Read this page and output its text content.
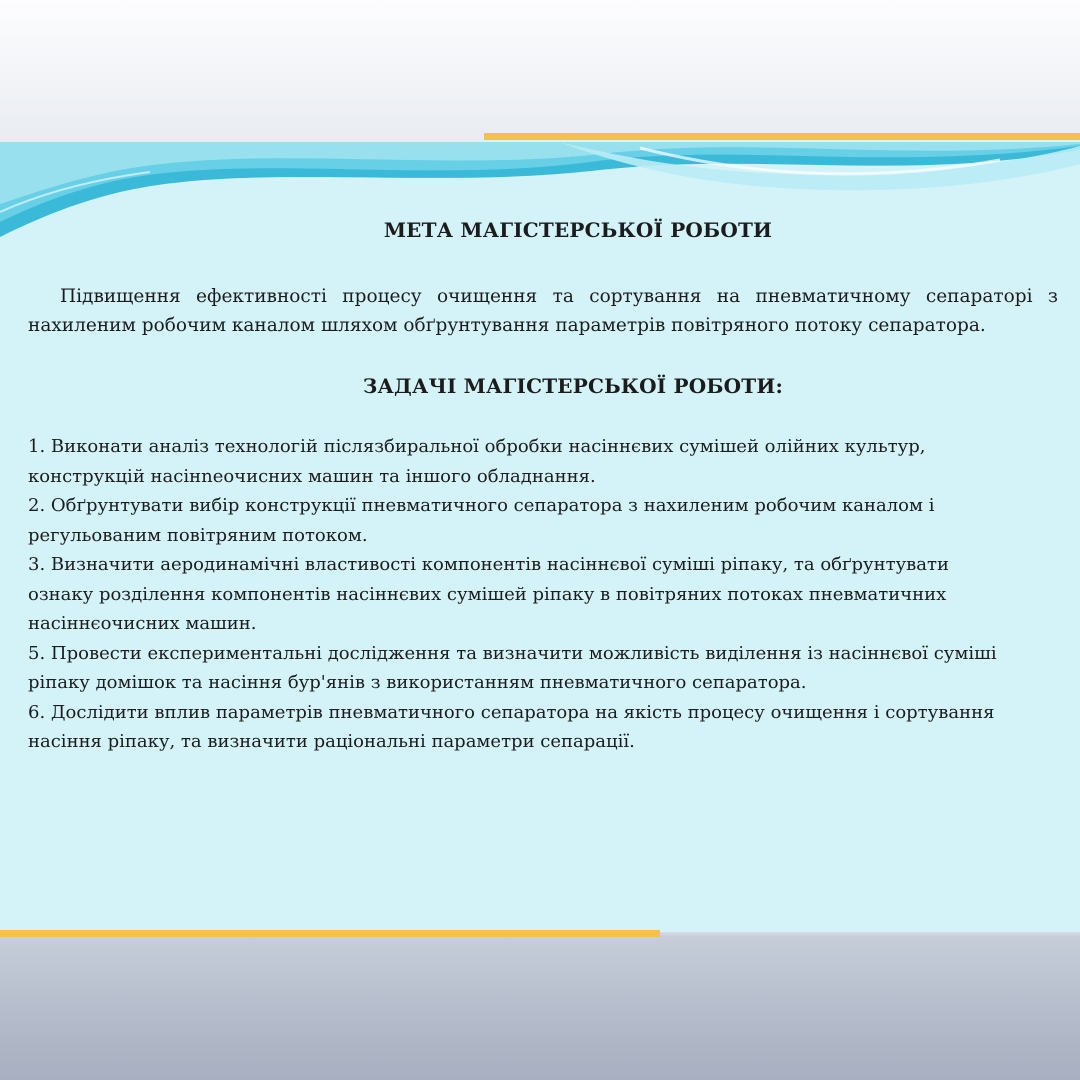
МЕТА МАГІСТЕРСЬКОЇ РОБОТИ

Підвищення ефективності процесу очищення та сортування на пневматичному сепараторі з нахиленим робочим каналом шляхом обґрунтування параметрів повітряного потоку сепаратора.

ЗАДАЧІ МАГІСТЕРСЬКОЇ РОБОТИ:
1. Виконати аналіз технологій післязбиральної обробки насіннєвих сумішей олійних культур, конструкцій насінneочисних машин та іншого обладнання.
2. Обґрунтувати вибір конструкції пневматичного сепаратора з нахиленим робочим каналом і регульованим повітряним потоком.
3. Визначити аеродинамічні властивості компонентів насіннєвої суміші ріпаку, та обґрунтувати ознаку розділення компонентів насіннєвих сумішей ріпаку в повітряних потоках пневматичних насіннєочисних машин.
5. Провести експериментальні дослідження та визначити можливість виділення із насіннєвої суміші ріпаку домішок та насіння бур'янів з використанням пневматичного сепаратора.
6. Дослідити вплив параметрів пневматичного сепаратора на якість процесу очищення і сортування насіння ріпаку, та визначити раціональні параметри сепарації.
